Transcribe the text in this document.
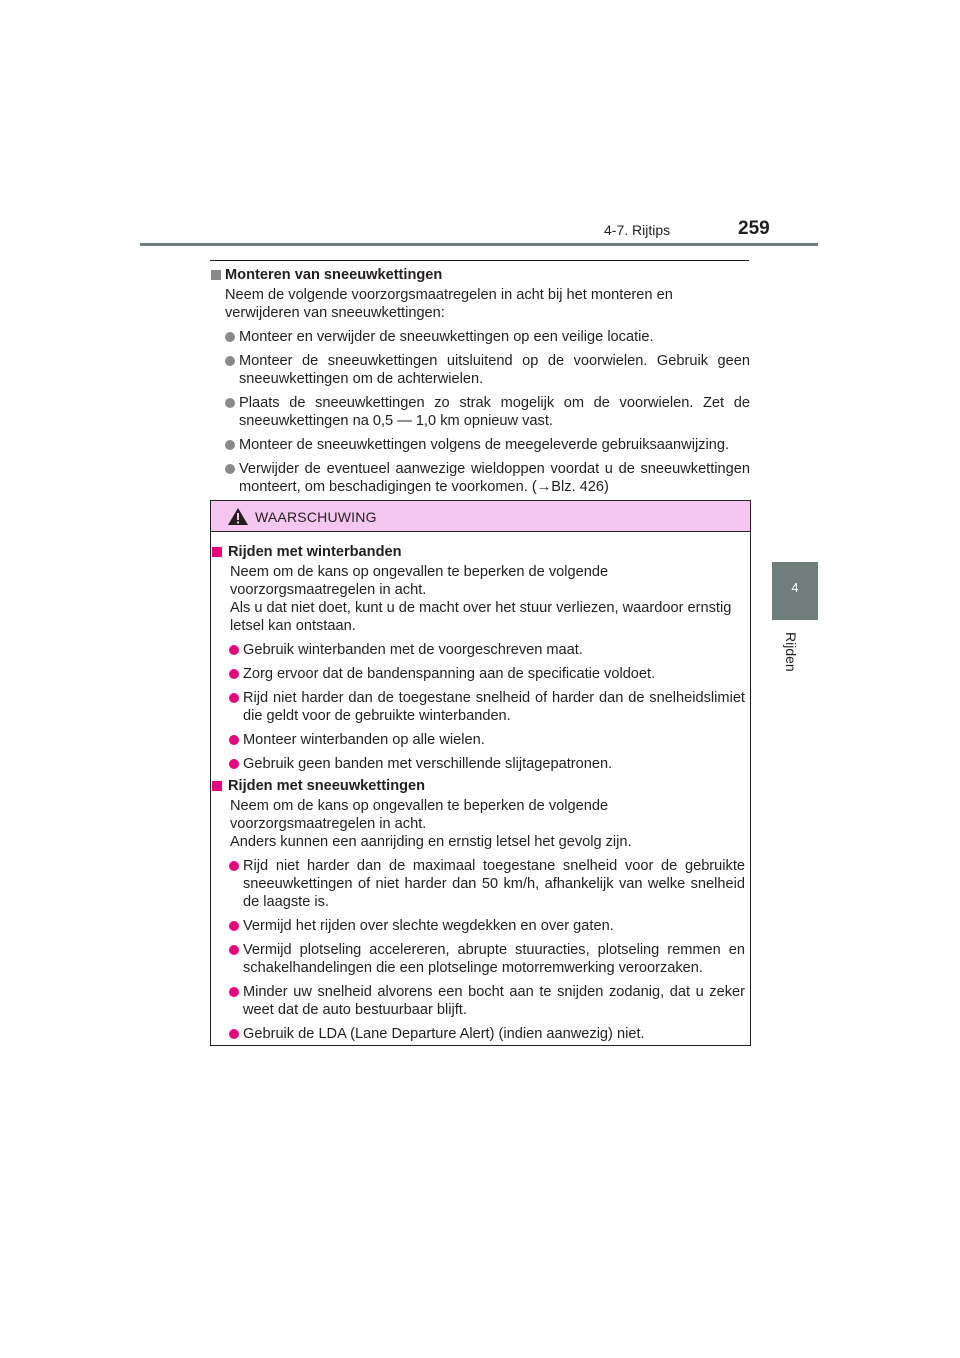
4-7. Rijtips	259
4
Rijden
Monteren van sneeuwkettingen
Neem de volgende voorzorgsmaatregelen in acht bij het monteren en verwijderen van sneeuwkettingen:
Monteer en verwijder de sneeuwkettingen op een veilige locatie.
Monteer de sneeuwkettingen uitsluitend op de voorwielen. Gebruik geen sneeuwkettingen om de achterwielen.
Plaats de sneeuwkettingen zo strak mogelijk om de voorwielen. Zet de sneeuwkettingen na 0,5 — 1,0 km opnieuw vast.
Monteer de sneeuwkettingen volgens de meegeleverde gebruiksaanwijzing.
Verwijder de eventueel aanwezige wieldoppen voordat u de sneeuwkettingen monteert, om beschadigingen te voorkomen. (→Blz. 426)
WAARSCHUWING
Rijden met winterbanden
Neem om de kans op ongevallen te beperken de volgende voorzorgsmaatregelen in acht.
Als u dat niet doet, kunt u de macht over het stuur verliezen, waardoor ernstig letsel kan ontstaan.
Gebruik winterbanden met de voorgeschreven maat.
Zorg ervoor dat de bandenspanning aan de specificatie voldoet.
Rijd niet harder dan de toegestane snelheid of harder dan de snelheidslimiet die geldt voor de gebruikte winterbanden.
Monteer winterbanden op alle wielen.
Gebruik geen banden met verschillende slijtagepatronen.
Rijden met sneeuwkettingen
Neem om de kans op ongevallen te beperken de volgende voorzorgsmaatregelen in acht.
Anders kunnen een aanrijding en ernstig letsel het gevolg zijn.
Rijd niet harder dan de maximaal toegestane snelheid voor de gebruikte sneeuwkettingen of niet harder dan 50 km/h, afhankelijk van welke snelheid de laagste is.
Vermijd het rijden over slechte wegdekken en over gaten.
Vermijd plotseling accelereren, abrupte stuuracties, plotseling remmen en schakelhandelingen die een plotselinge motorremwerking veroorzaken.
Minder uw snelheid alvorens een bocht aan te snijden zodanig, dat u zeker weet dat de auto bestuurbaar blijft.
Gebruik de LDA (Lane Departure Alert) (indien aanwezig) niet.
